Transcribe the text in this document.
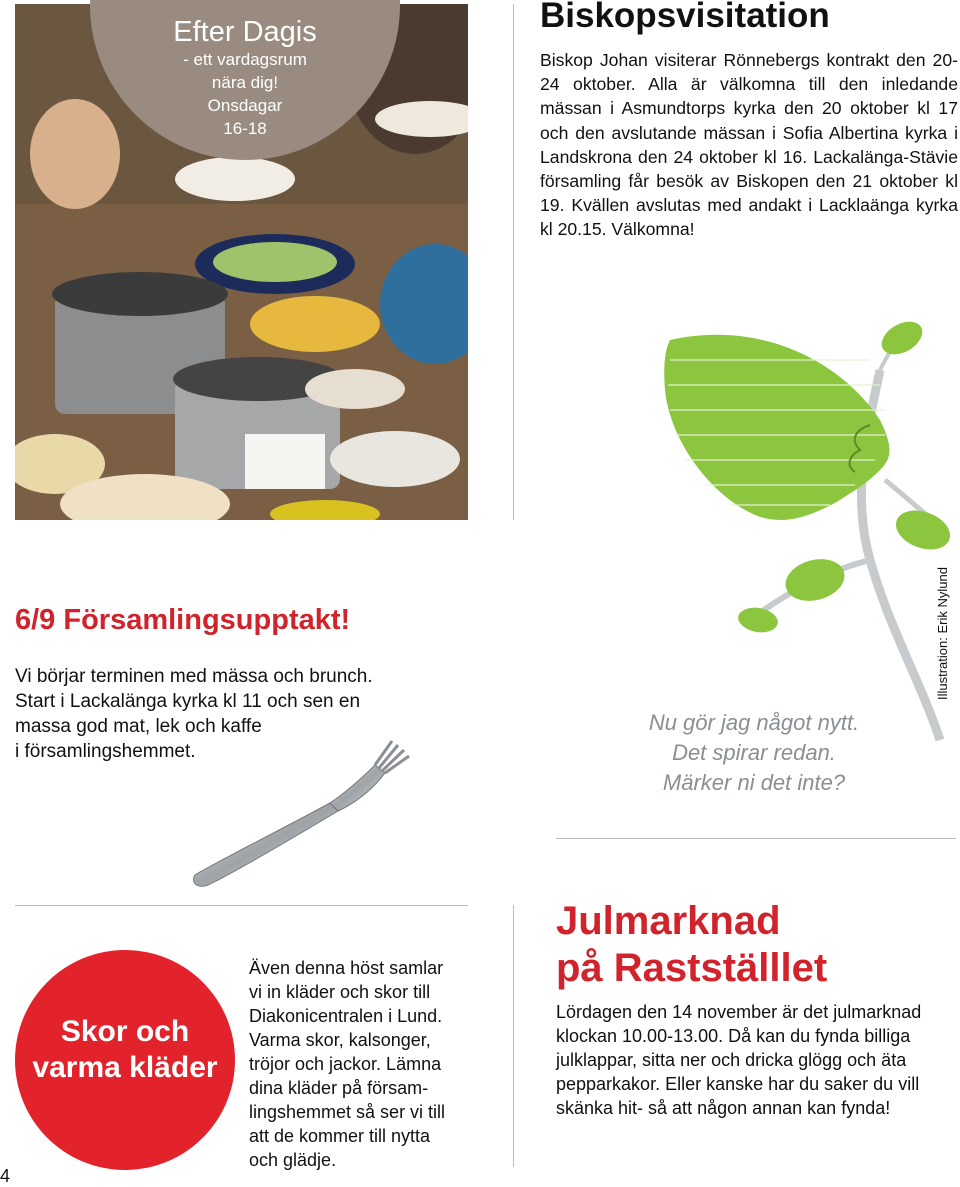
Efter Dagis
- ett vardagsrum
nära dig!
Onsdagar
16-18
Biskopsvisitation

Biskop Johan visiterar Rönnebergs kontrakt den 20-24 oktober. Alla är välkomna till den inledande mässan i Asmundtorps kyrka den 20 oktober kl 17 och den avslutande mässan i Sofia Albertina kyrka i Landskrona den 24 oktober kl 16. Lackalänga-Stävie församling får besök av Biskopen den 21 oktober kl 19. Kvällen avslutas med andakt i Lacklaänga kyrka kl 20.15. Välkomna!

Illustration: Erik Nylund
Nu gör jag något nytt.
Det spirar redan.
Märker ni det inte?
6/9 Församlingsupptakt!
Vi börjar terminen med mässa och brunch.
Start i Lackalänga kyrka kl 11 och sen en
massa god mat, lek och kaffe
i församlingshemmet.
Skor och
varma kläder
Även denna höst samlar
vi in kläder och skor till
Diakonicentralen i Lund.
Varma skor, kalsonger,
tröjor och jackor. Lämna
dina kläder på försam-
lingshemmet så ser vi till
att de kommer till nytta
och glädje.
4
Julmarknad
på Rastställlet
Lördagen den 14 november är det julmarknad
klockan 10.00-13.00. Då kan du fynda billiga
julklappar, sitta ner och dricka glögg och äta
pepparkakor. Eller kanske har du saker du vill
skänka hit- så att någon annan kan fynda!
